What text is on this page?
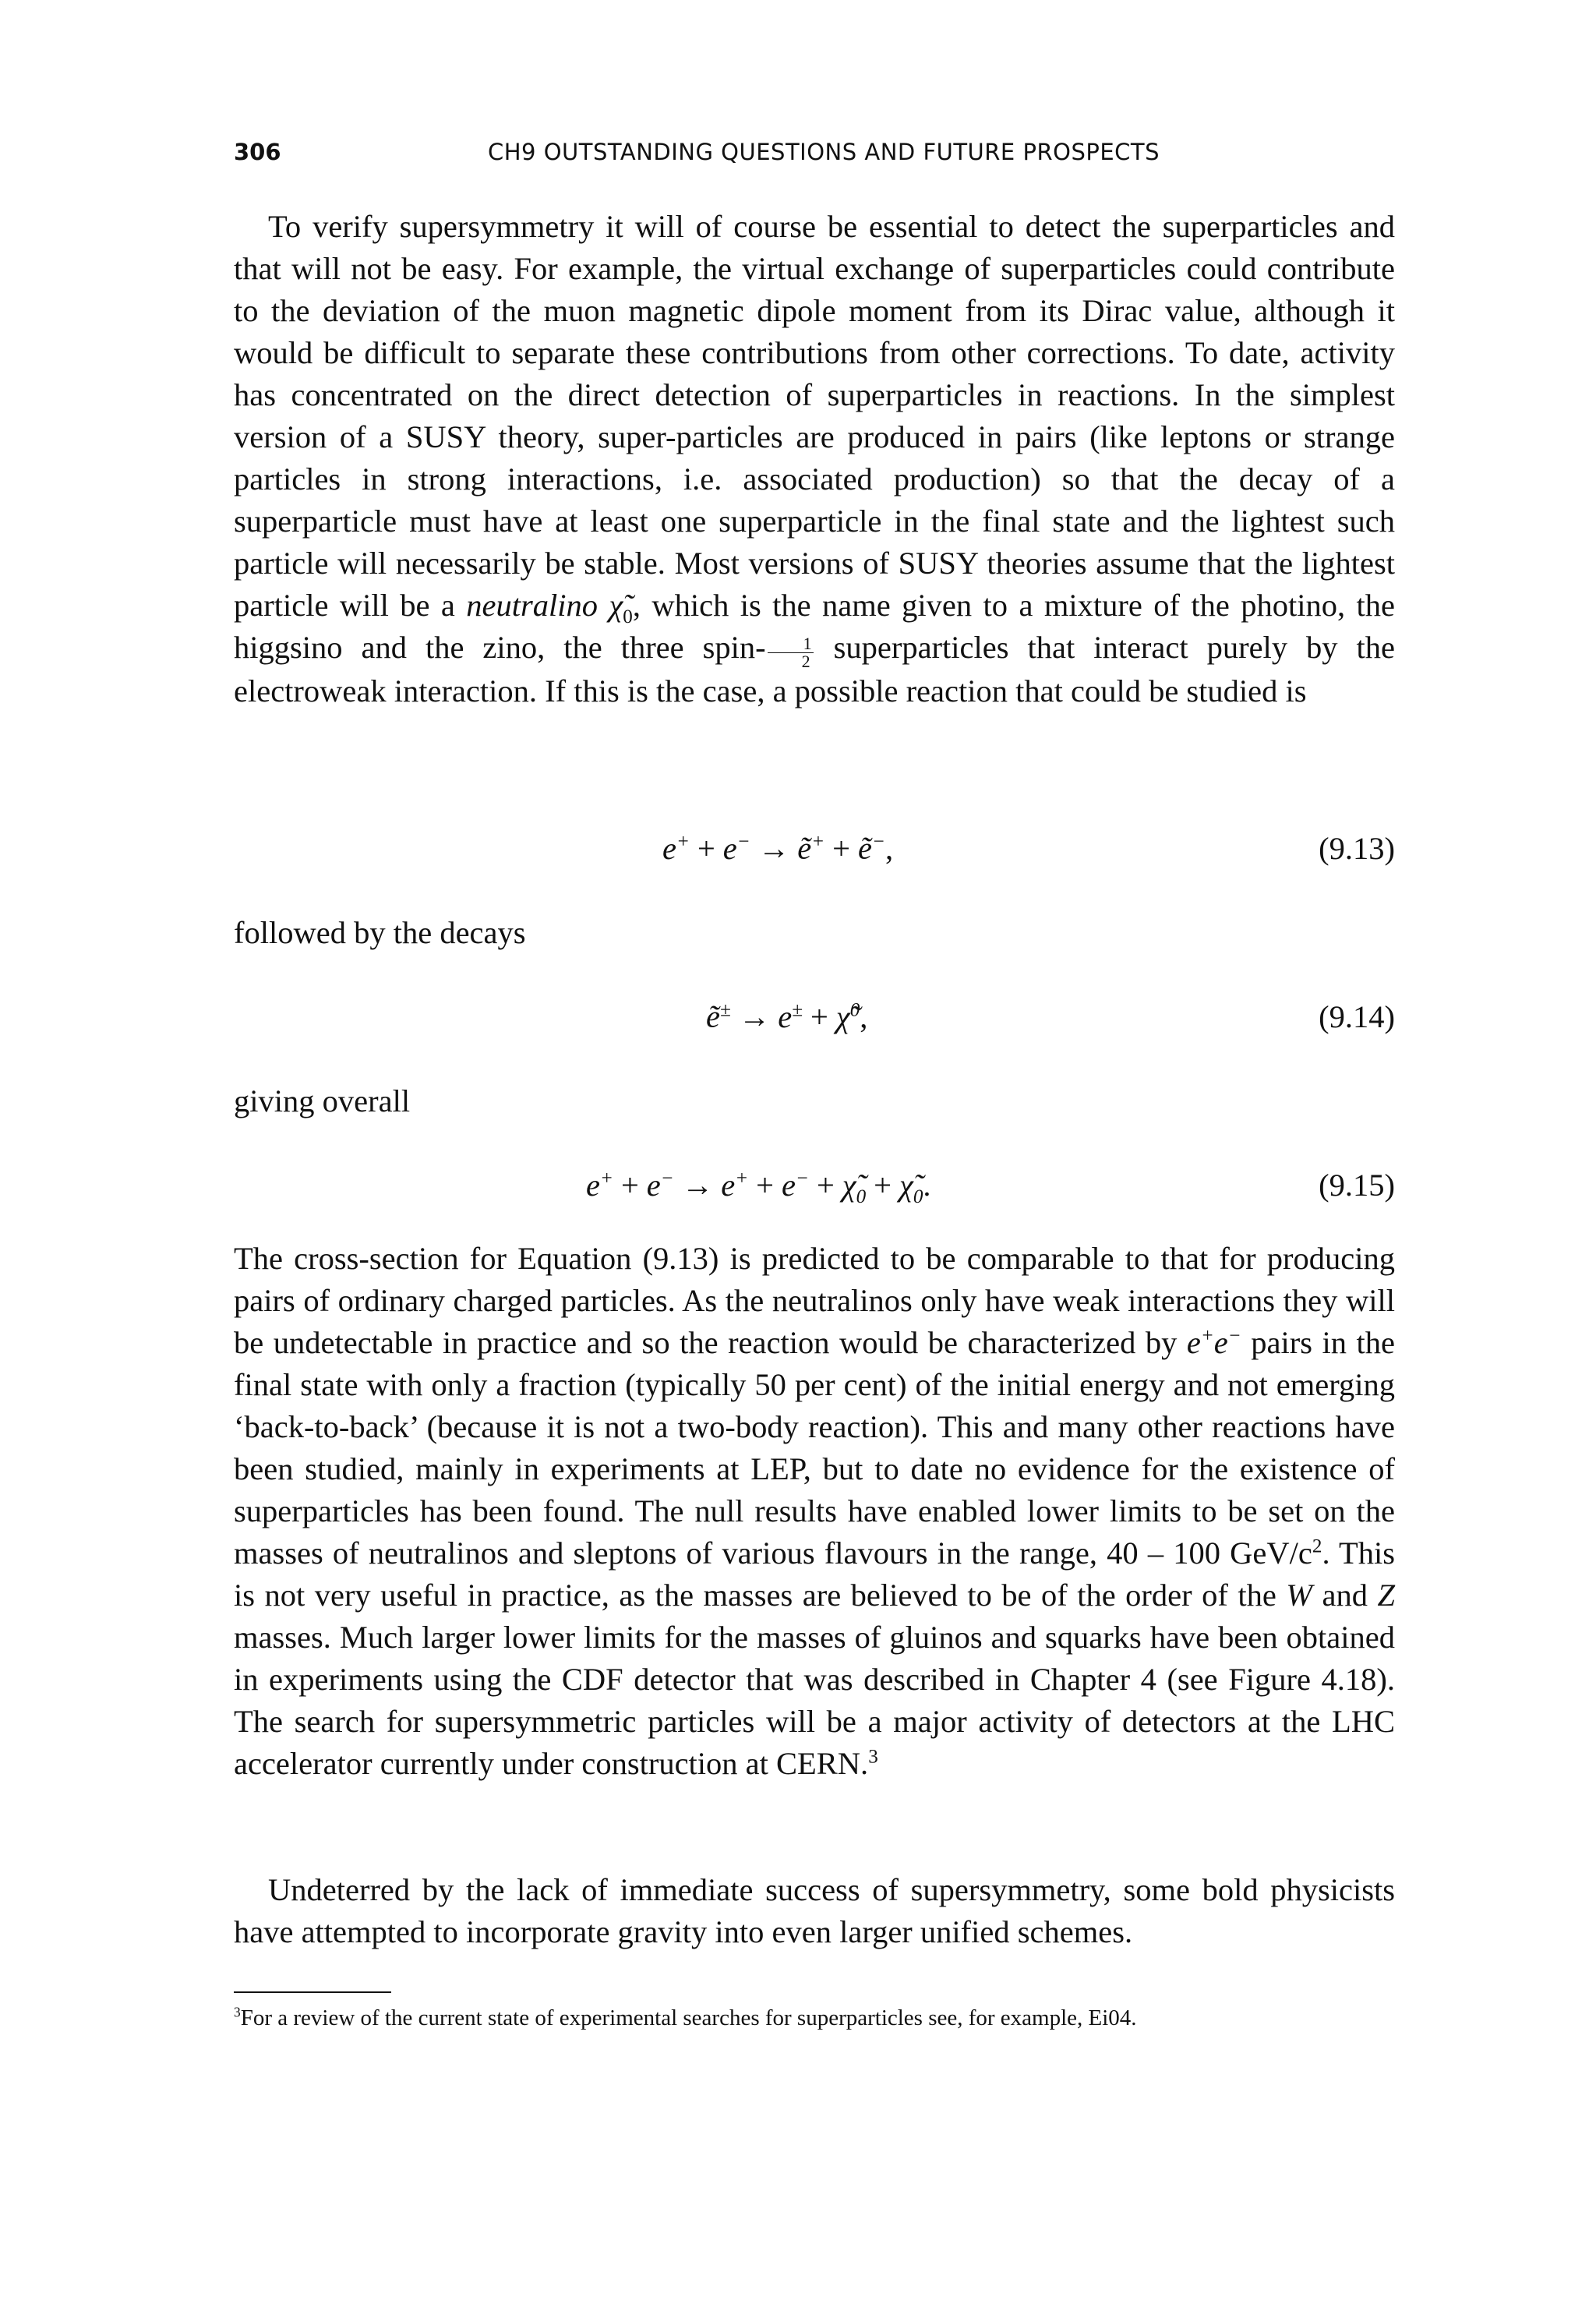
306	CH9 OUTSTANDING QUESTIONS AND FUTURE PROSPECTS

To verify supersymmetry it will of course be essential to detect the superparticles and that will not be easy. For example, the virtual exchange of superparticles could contribute to the deviation of the muon magnetic dipole moment from its Dirac value, although it would be difficult to separate these contributions from other corrections. To date, activity has concentrated on the direct detection of superparticles in reactions. In the simplest version of a SUSY theory, super-particles are produced in pairs (like leptons or strange particles in strong interactions, i.e. associated production) so that the decay of a superparticle must have at least one superparticle in the final state and the lightest such particle will necessarily be stable. Most versions of SUSY theories assume that the lightest particle will be a neutralino $\chĩ_0$, which is the name given to a mixture of the photino, the higgsino and the zino, the three spin- $\frac{1}{2}$ superparticles that interact purely by the electroweak interaction. If this is the case, a possible reaction that could be studied is

e+ + e− → ẽ+ + ẽ−,	(9.13)

followed by the decays

ẽ± → e± + χ̃$^0$,	(9.14)

giving overall

$e^+ + e^- \to e^+ + e^- + \chĩ_0$ + $\chĩ_0$.	(9.15)

The cross-section for Equation (9.13) is predicted to be comparable to that for producing pairs of ordinary charged particles. As the neutralinos only have weak interactions they will be undetectable in practice and so the reaction would be characterized by e+e− pairs in the final state with only a fraction (typically 50 per cent) of the initial energy and not emerging ‘back-to-back’ (because it is not a two-body reaction). This and many other reactions have been studied, mainly in experiments at LEP, but to date no evidence for the existence of superparticles has been found. The null results have enabled lower limits to be set on the masses of neutralinos and sleptons of various flavours in the range, 40 – 100 GeV/$c^2$. This is not very useful in practice, as the masses are believed to be of the order of the W and Z masses. Much larger lower limits for the masses of gluinos and squarks have been obtained in experiments using the CDF detector that was described in Chapter 4 (see Figure 4.18). The search for supersymmetric particles will be a major activity of detectors at the LHC accelerator currently under construction at CERN.$^3$

Undeterred by the lack of immediate success of supersymmetry, some bold physicists have attempted to incorporate gravity into even larger unified schemes.

$^3$For a review of the current state of experimental searches for superparticles see, for example, Ei04.
